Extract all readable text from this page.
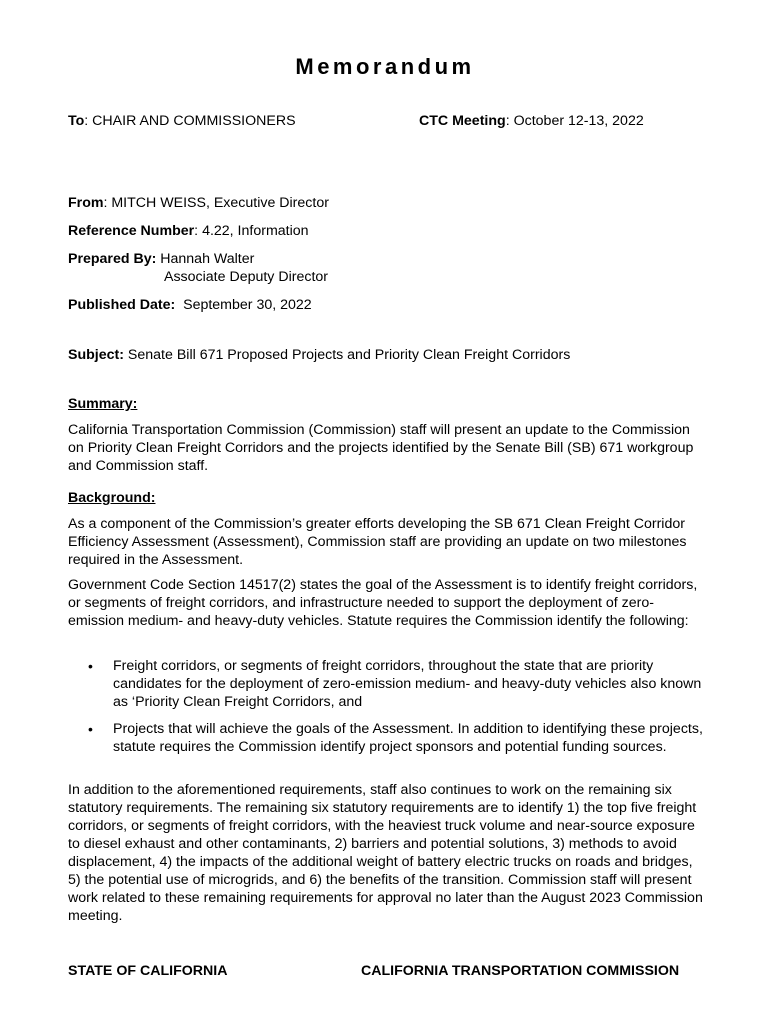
Memorandum
To: CHAIR AND COMMISSIONERS	CTC Meeting: October 12-13, 2022
From: MITCH WEISS, Executive Director
Reference Number: 4.22, Information
Prepared By: Hannah Walter
Associate Deputy Director
Published Date: September 30, 2022
Subject: Senate Bill 671 Proposed Projects and Priority Clean Freight Corridors
Summary:
California Transportation Commission (Commission) staff will present an update to the Commission on Priority Clean Freight Corridors and the projects identified by the Senate Bill (SB) 671 workgroup and Commission staff.
Background:
As a component of the Commission’s greater efforts developing the SB 671 Clean Freight Corridor Efficiency Assessment (Assessment), Commission staff are providing an update on two milestones required in the Assessment.
Government Code Section 14517(2) states the goal of the Assessment is to identify freight corridors, or segments of freight corridors, and infrastructure needed to support the deployment of zero-emission medium- and heavy-duty vehicles. Statute requires the Commission identify the following:
• Freight corridors, or segments of freight corridors, throughout the state that are priority candidates for the deployment of zero-emission medium- and heavy-duty vehicles also known as ‘Priority Clean Freight Corridors, and
• Projects that will achieve the goals of the Assessment. In addition to identifying these projects, statute requires the Commission identify project sponsors and potential funding sources.
In addition to the aforementioned requirements, staff also continues to work on the remaining six statutory requirements. The remaining six statutory requirements are to identify 1) the top five freight corridors, or segments of freight corridors, with the heaviest truck volume and near-source exposure to diesel exhaust and other contaminants, 2) barriers and potential solutions, 3) methods to avoid displacement, 4) the impacts of the additional weight of battery electric trucks on roads and bridges, 5) the potential use of microgrids, and 6) the benefits of the transition. Commission staff will present work related to these remaining requirements for approval no later than the August 2023 Commission meeting.
STATE OF CALIFORNIA	CALIFORNIA TRANSPORTATION COMMISSION
